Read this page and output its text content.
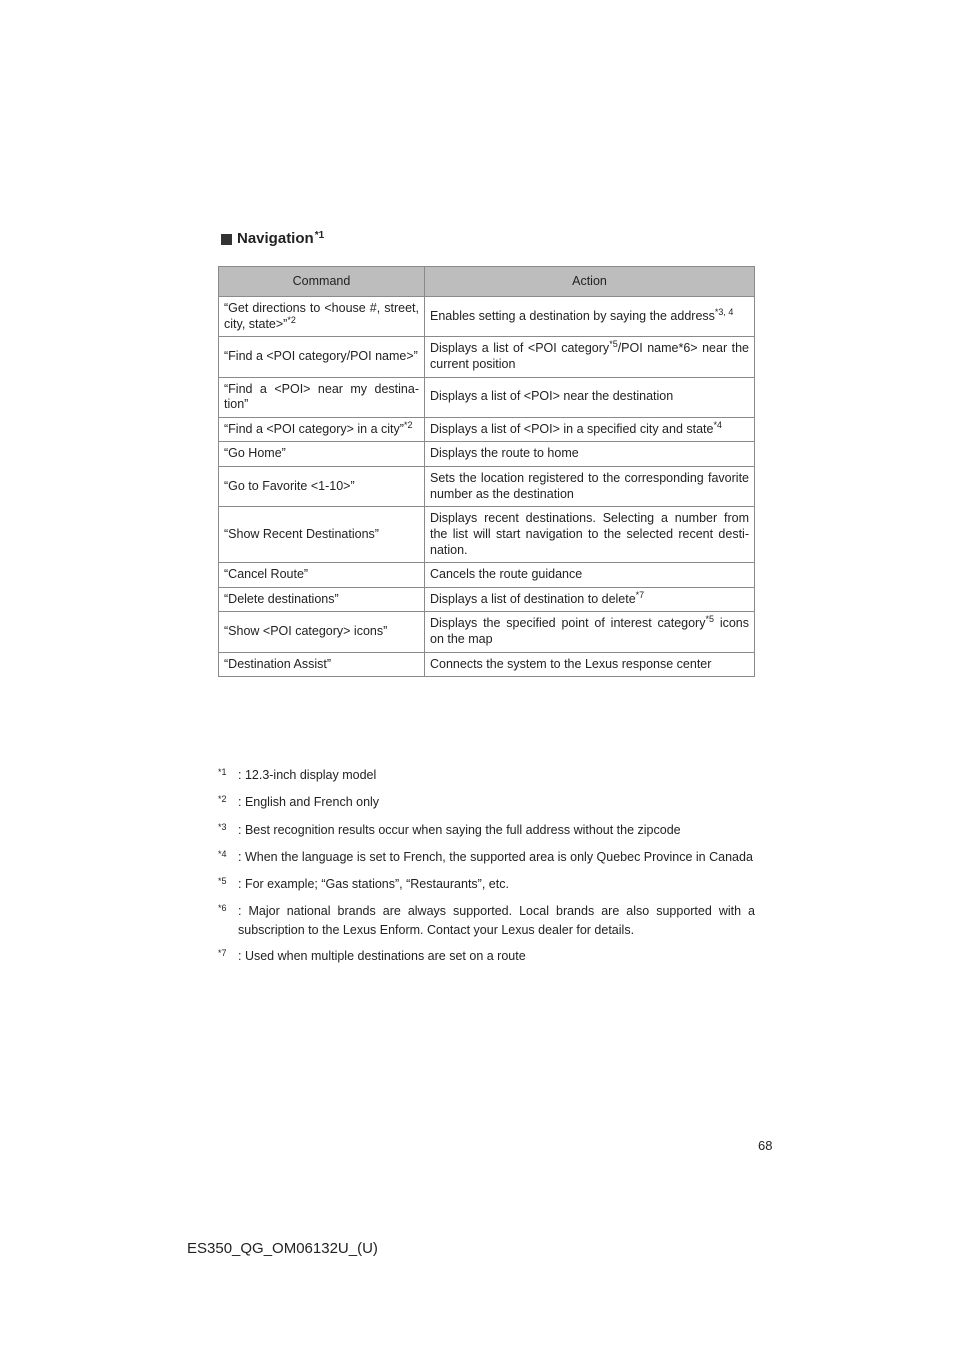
Navigation$^{*1}$
Command	Action
“Get directions to <house #, street, city, state>”$^{*2}$	Enables setting a destination by saying the address$^{*3, 4}$
“Find a <POI category/POI name>”	Displays a list of <POI category$^{*5}$/POI name*6> near the current position
“Find a <POI> near my destina-tion”	Displays a list of <POI> near the destination
“Find a <POI category> in a city”$^{*2}$	Displays a list of <POI> in a specified city and state$^{*4}$
“Go Home”	Displays the route to home
“Go to Favorite <1-10>”	Sets the location registered to the corresponding favorite number as the destination
“Show Recent Destinations”	Displays recent destinations. Selecting a number from the list will start navigation to the selected recent desti-nation.
“Cancel Route”	Cancels the route guidance
“Delete destinations”	Displays a list of destination to delete$^{*7}$
“Show <POI category> icons”	Displays the specified point of interest category$^{*5}$ icons on the map
“Destination Assist”	Connects the system to the Lexus response center
$^{*1}$ : 12.3-inch display model
$^{*2}$ : English and French only
$^{*3}$ : Best recognition results occur when saying the full address without the zipcode
$^{*4}$ : When the language is set to French, the supported area is only Quebec Province in Canada
$^{*5}$ : For example; “Gas stations”, “Restaurants”, etc.
$^{*6}$ : Major national brands are always supported. Local brands are also supported with a subscription to the Lexus Enform. Contact your Lexus dealer for details.
$^{*7}$ : Used when multiple destinations are set on a route
68
ES350_QG_OM06132U_(U)
